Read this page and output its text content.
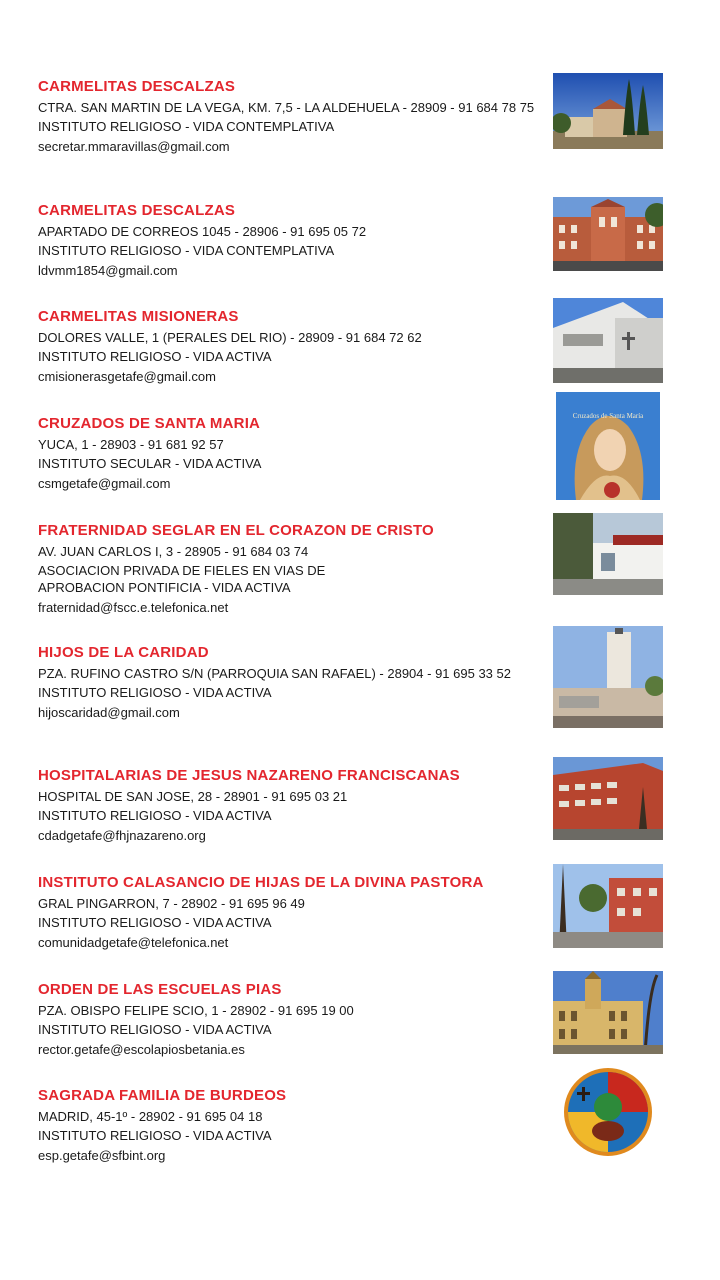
CARMELITAS DESCALZAS
CTRA. SAN MARTIN DE LA VEGA, KM. 7,5 - LA ALDEHUELA - 28909 - 91 684 78 75
INSTITUTO RELIGIOSO - VIDA CONTEMPLATIVA
secretar.mmaravillas@gmail.com
CARMELITAS DESCALZAS
APARTADO DE CORREOS 1045 - 28906 - 91 695 05 72
INSTITUTO RELIGIOSO - VIDA CONTEMPLATIVA
ldvmm1854@gmail.com
CARMELITAS MISIONERAS
DOLORES VALLE, 1 (PERALES DEL RIO) - 28909 - 91 684 72 62
INSTITUTO RELIGIOSO - VIDA ACTIVA
cmisionerasgetafe@gmail.com
CRUZADOS DE SANTA MARIA
YUCA, 1 - 28903 - 91 681 92 57
INSTITUTO SECULAR - VIDA ACTIVA
csmgetafe@gmail.com
Cruzados de Santa María
FRATERNIDAD SEGLAR EN EL CORAZON DE CRISTO
AV. JUAN CARLOS I, 3 - 28905 - 91 684 03 74
ASOCIACION PRIVADA DE FIELES EN VIAS DE APROBACION PONTIFICIA - VIDA ACTIVA
fraternidad@fscc.e.telefonica.net
HIJOS DE LA CARIDAD
PZA. RUFINO CASTRO S/N (PARROQUIA SAN RAFAEL) - 28904 - 91 695 33 52
INSTITUTO RELIGIOSO - VIDA ACTIVA
hijoscaridad@gmail.com
HOSPITALARIAS DE JESUS NAZARENO FRANCISCANAS
HOSPITAL DE SAN JOSE, 28 - 28901 - 91 695 03 21
INSTITUTO RELIGIOSO - VIDA ACTIVA
cdadgetafe@fhjnazareno.org
INSTITUTO CALASANCIO DE HIJAS DE LA DIVINA PASTORA
GRAL PINGARRON, 7 - 28902 - 91 695 96 49
INSTITUTO RELIGIOSO - VIDA ACTIVA
comunidadgetafe@telefonica.net
ORDEN DE LAS ESCUELAS PIAS
PZA. OBISPO FELIPE SCIO, 1 - 28902 - 91 695 19 00
INSTITUTO RELIGIOSO - VIDA ACTIVA
rector.getafe@escolapiosbetania.es
SAGRADA FAMILIA DE BURDEOS
MADRID, 45-1º - 28902 - 91 695 04 18
INSTITUTO RELIGIOSO - VIDA ACTIVA
esp.getafe@sfbint.org
